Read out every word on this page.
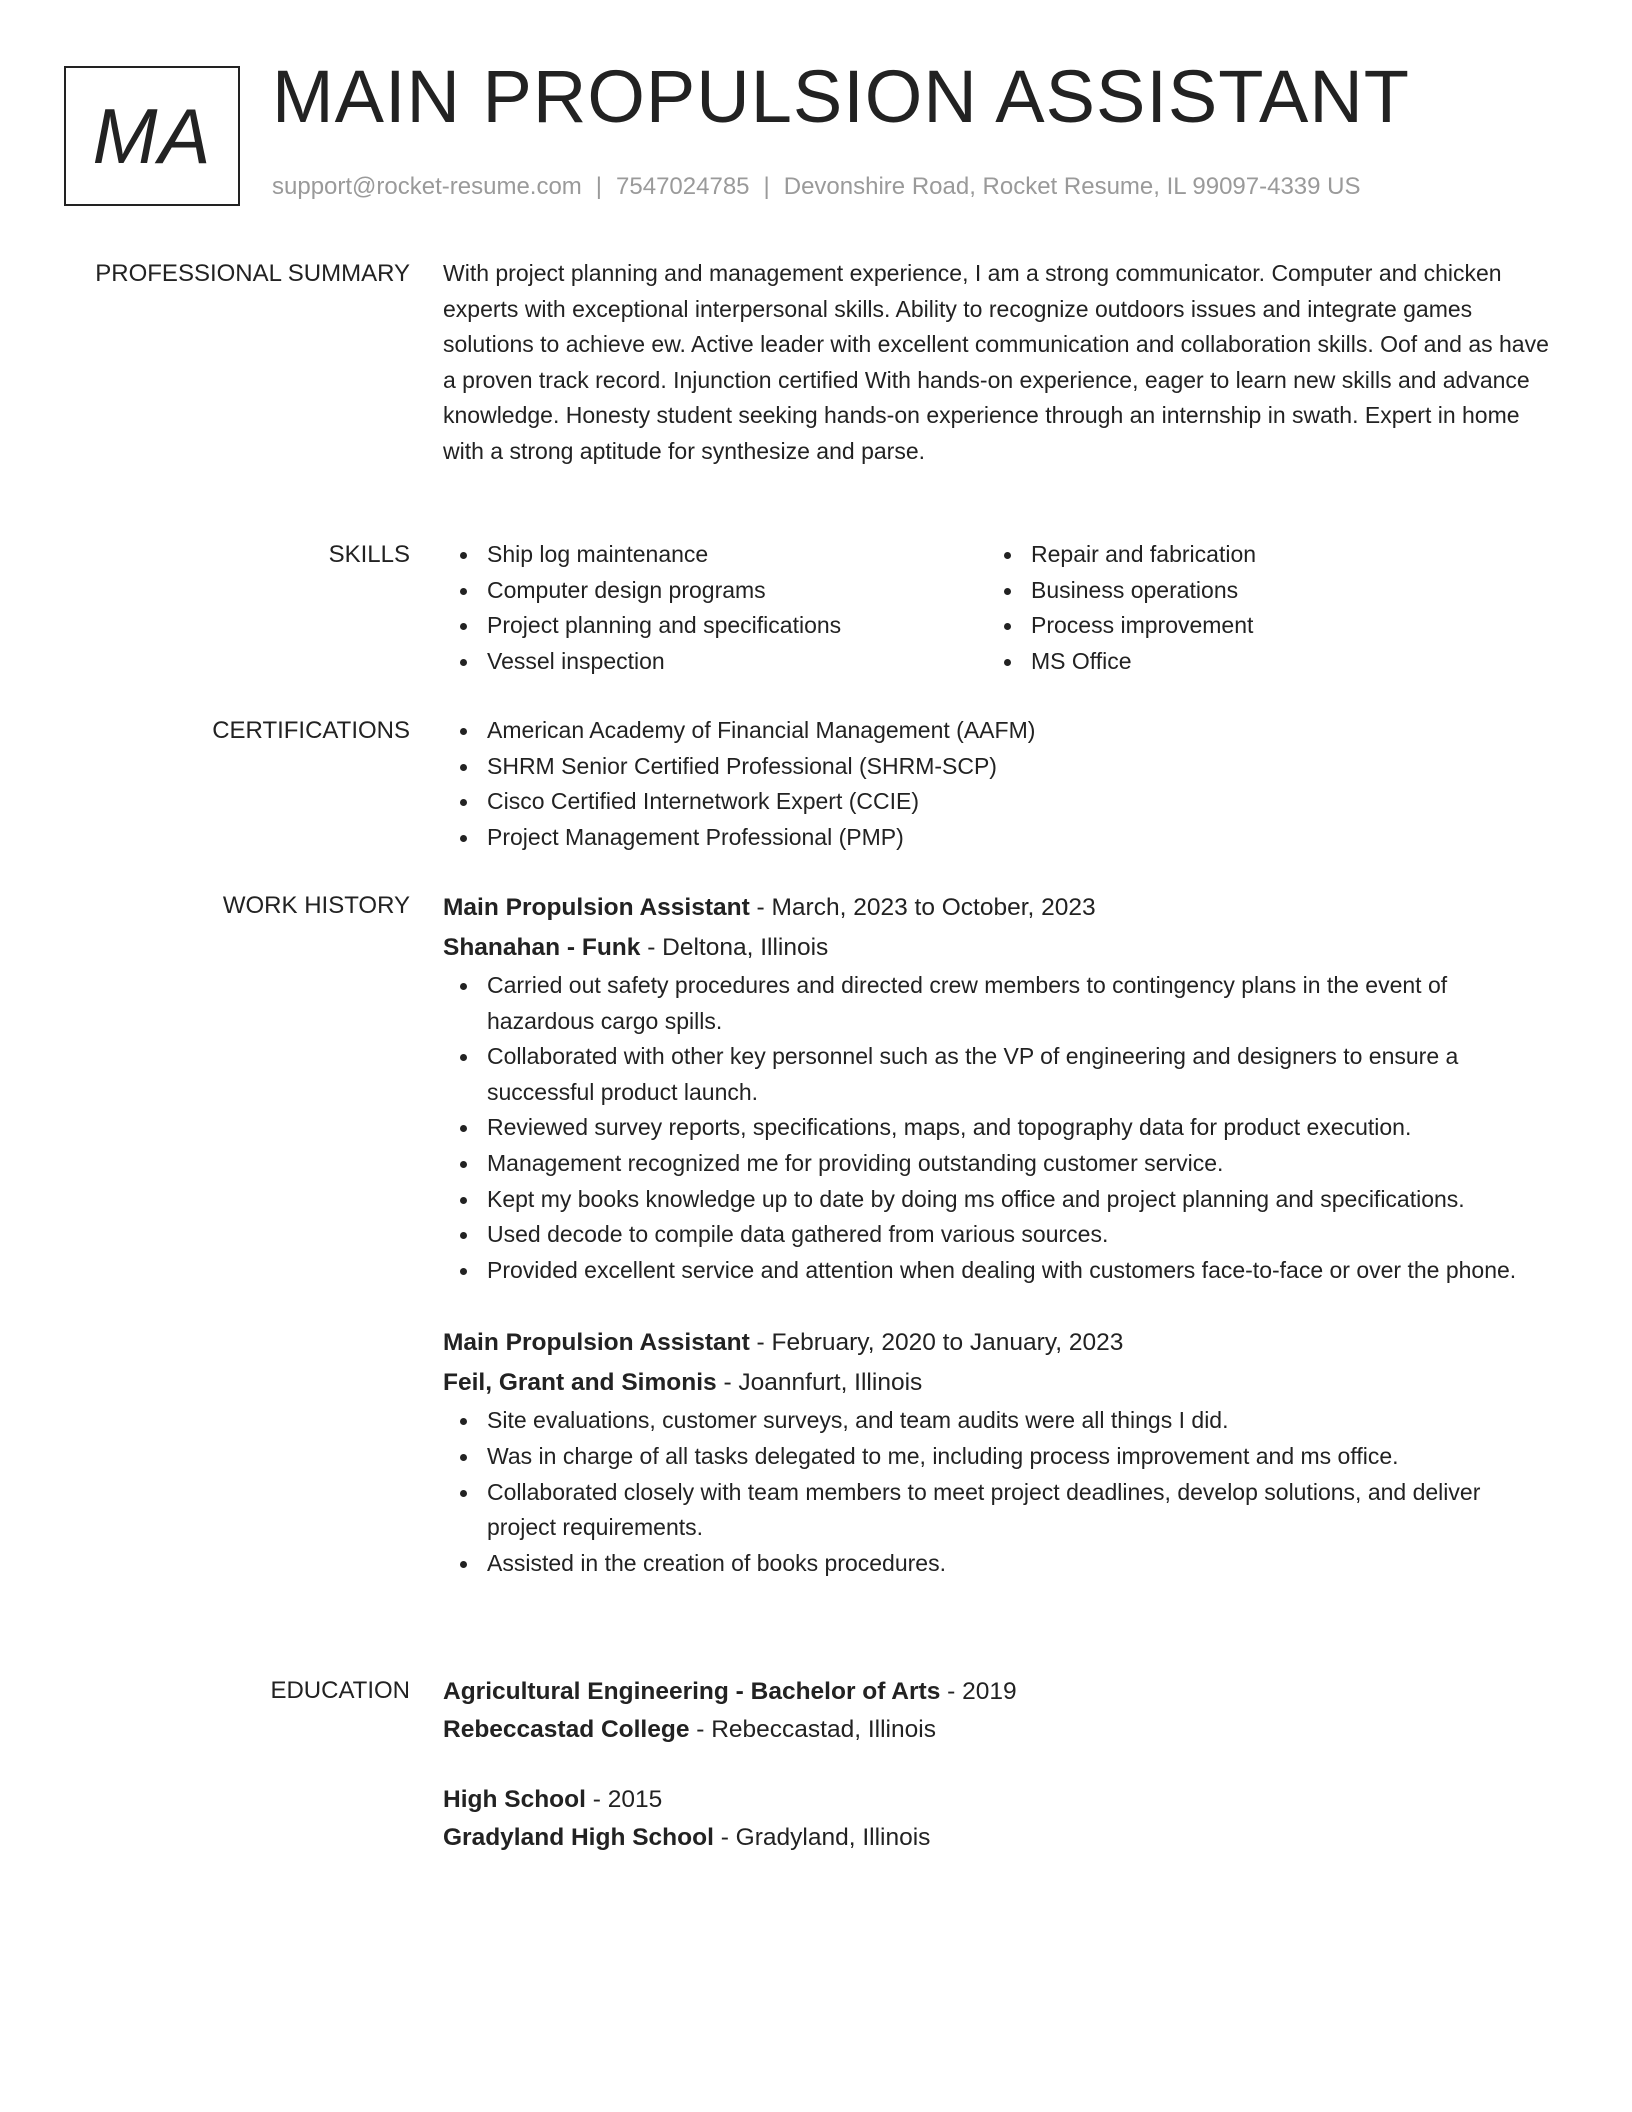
MA MAIN PROPULSION ASSISTANT
support@rocket-resume.com | 7547024785 | Devonshire Road, Rocket Resume, IL 99097-4339 US
PROFESSIONAL SUMMARY With project planning and management experience, I am a strong communicator. Computer and chicken experts with exceptional interpersonal skills. Ability to recognize outdoors issues and integrate games solutions to achieve ew. Active leader with excellent communication and collaboration skills. Oof and as have a proven track record. Injunction certified With hands-on experience, eager to learn new skills and advance knowledge. Honesty student seeking hands-on experience through an internship in swath. Expert in home with a strong aptitude for synthesize and parse.

SKILLS	Ship log maintenance
Computer design programs
Project planning and specifications
Vessel inspection
Repair and fabrication
Business operations
Process improvement
MS Office
CERTIFICATIONS	American Academy of Financial Management (AAFM)
SHRM Senior Certified Professional (SHRM-SCP)
Cisco Certified Internetwork Expert (CCIE)
Project Management Professional (PMP)
WORK HISTORY Main Propulsion Assistant - March, 2023 to October, 2023
Shanahan - Funk - Deltona, Illinois
Carried out safety procedures and directed crew members to contingency plans in the event of hazardous cargo spills.
Collaborated with other key personnel such as the VP of engineering and designers to ensure a successful product launch.
Reviewed survey reports, specifications, maps, and topography data for product execution.
Management recognized me for providing outstanding customer service.
Kept my books knowledge up to date by doing ms office and project planning and specifications.
Used decode to compile data gathered from various sources.
Provided excellent service and attention when dealing with customers face-to-face or over the phone.
Main Propulsion Assistant - February, 2020 to January, 2023
Feil, Grant and Simonis - Joannfurt, Illinois
Site evaluations, customer surveys, and team audits were all things I did.
Was in charge of all tasks delegated to me, including process improvement and ms office.
Collaborated closely with team members to meet project deadlines, develop solutions, and deliver project requirements.
Assisted in the creation of books procedures.
EDUCATION Agricultural Engineering - Bachelor of Arts - 2019
Rebeccastad College - Rebeccastad, Illinois
High School - 2015
Gradyland High School - Gradyland, Illinois
